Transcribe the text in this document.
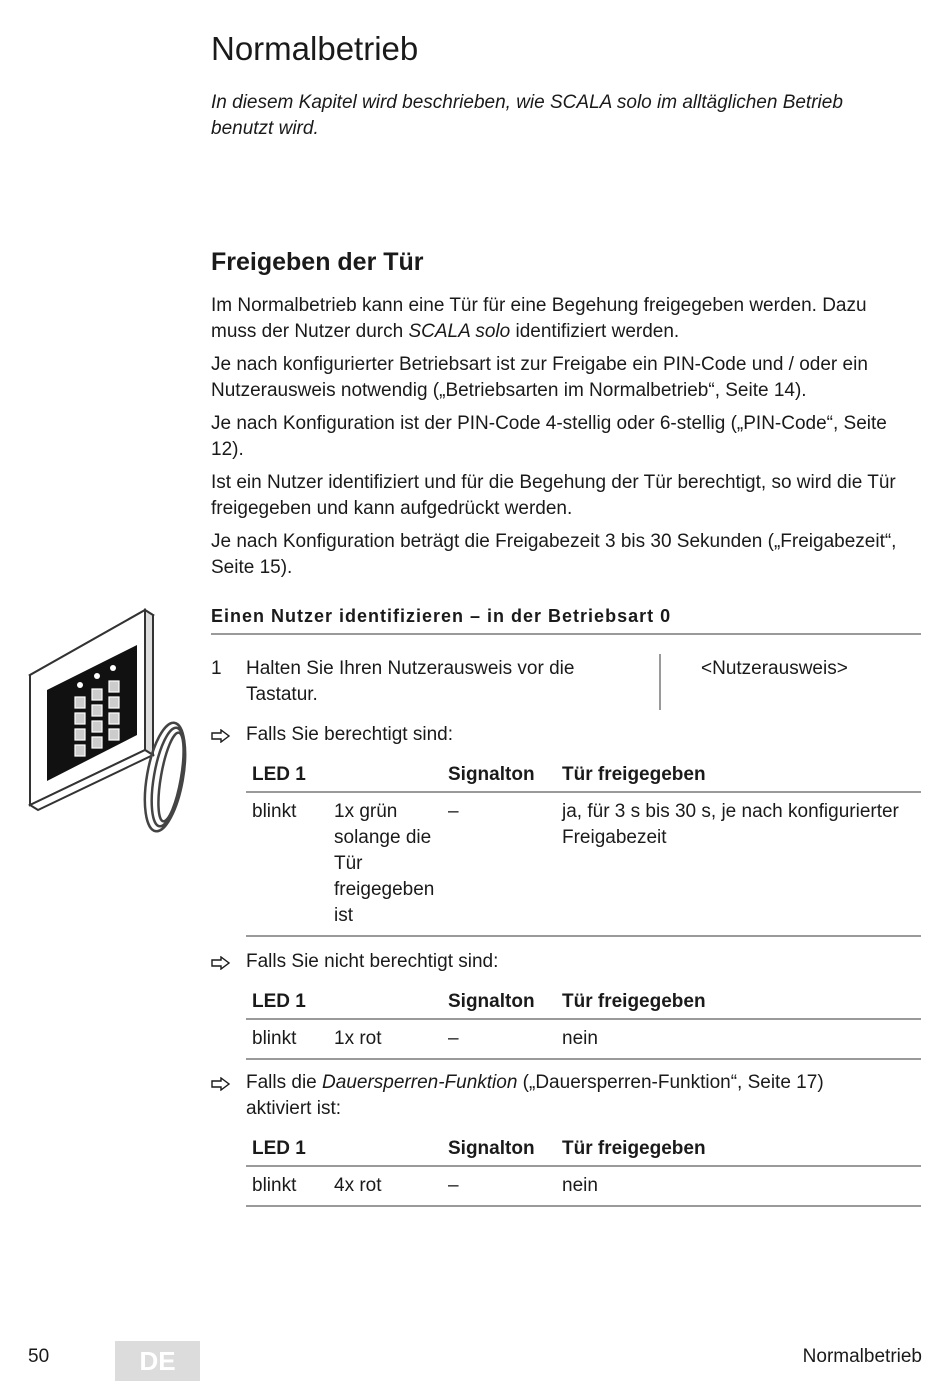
Normalbetrieb
In diesem Kapitel wird beschrieben, wie SCALA solo im alltäglichen Betrieb benutzt wird.
Freigeben der Tür

Im Normalbetrieb kann eine Tür für eine Begehung freigegeben werden. Dazu muss der Nutzer durch SCALA solo identifiziert werden.

Je nach konfigurierter Betriebsart ist zur Freigabe ein PIN-Code und / oder ein Nutzerausweis notwendig („Betriebsarten im Normalbetrieb“, Seite 14).

Je nach Konfiguration ist der PIN-Code 4-stellig oder 6-stellig („PIN-Code“, Seite 12).

Ist ein Nutzer identifiziert und für die Begehung der Tür berechtigt, so wird die Tür freigegeben und kann aufgedrückt werden.

Je nach Konfiguration beträgt die Freigabezeit 3 bis 30 Sekunden („Freigabezeit“, Seite 15).

Einen Nutzer identifizieren – in der Betriebsart 0
1 Halten Sie Ihren Nutzerausweis vor die Tastatur.
<Nutzerausweis>
Falls Sie berechtigt sind:
LED 1		Signalton	Tür freigegeben
blinkt	1x grün solange die Tür freigegeben ist	–	ja, für 3 s bis 30 s, je nach konfigurierter Freigabezeit
Falls Sie nicht berechtigt sind:
LED 1		Signalton	Tür freigegeben
blinkt	1x rot	–	nein
Falls die Dauersperren-Funktion („Dauersperren-Funktion“, Seite 17) aktiviert ist:
LED 1		Signalton	Tür freigegeben
blinkt	4x rot	–	nein
50	DE	Normalbetrieb
